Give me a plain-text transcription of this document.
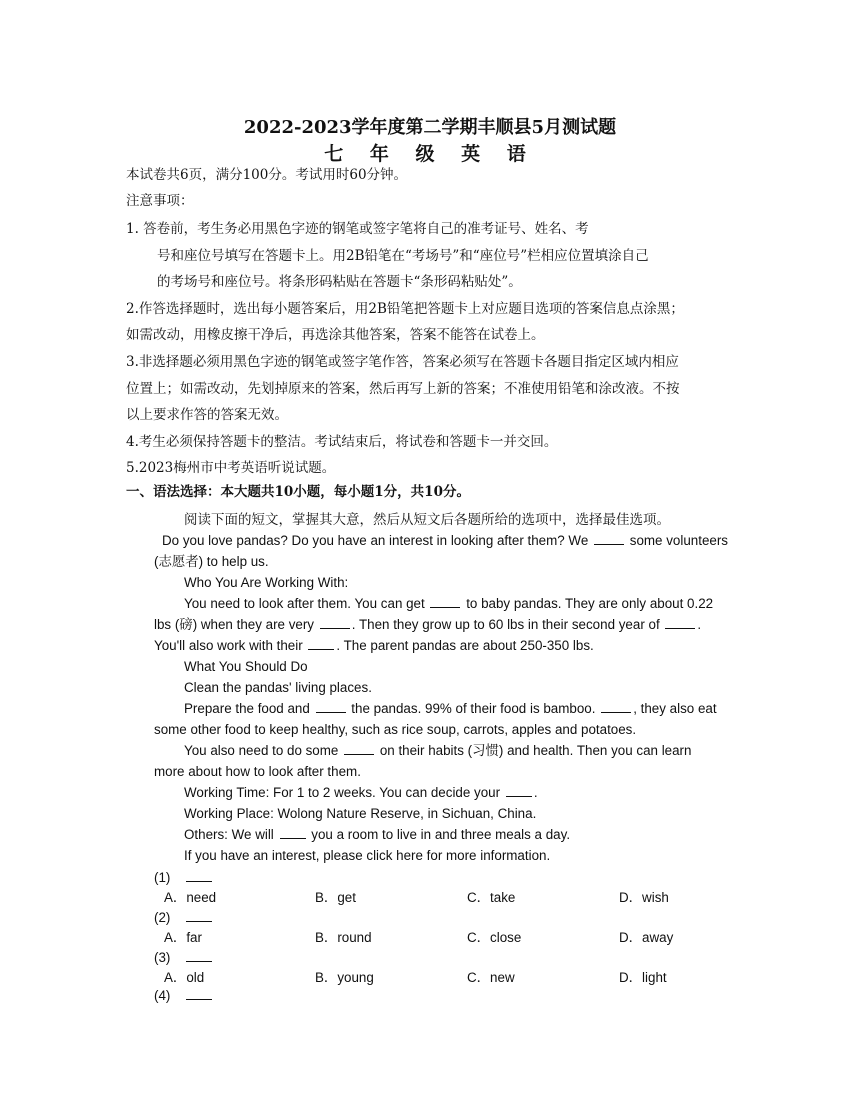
2022-2023学年度第二学期丰顺县5月测试题
七 年 级 英 语
本试卷共6页，满分100分。考试用时60分钟。
注意事项：
1. 答卷前，考生务必用黑色字迹的钢笔或签字笔将自己的准考证号、姓名、考
号和座位号填写在答题卡上。用2B铅笔在“考场号”和“座位号”栏相应位置填涂自己
的考场号和座位号。将条形码粘贴在答题卡“条形码粘贴处”。
2.作答选择题时，选出每小题答案后，用2B铅笔把答题卡上对应题目选项的答案信息点涂黑；
如需改动，用橡皮擦干净后，再选涂其他答案，答案不能答在试卷上。
3.非选择题必须用黑色字迹的钢笔或签字笔作答，答案必须写在答题卡各题目指定区域内相应
位置上；如需改动，先划掉原来的答案，然后再写上新的答案；不准使用铅笔和涂改液。不按
以上要求作答的答案无效。
4.考生必须保持答题卡的整洁。考试结束后，将试卷和答题卡一并交回。
5.2023梅州市中考英语听说试题。
一、语法选择：本大题共10小题，每小题1分，共10分。
阅读下面的短文，掌握其大意，然后从短文后各题所给的选项中，选择最佳选项。
Do you love pandas? Do you have an interest in looking after them? We	some volunteers
(志愿者) to help us.
Who You Are Working With:
You need to look after them. You can get	to baby pandas. They are only about 0.22
lbs (磅) when they are very	. Then they grow up to 60 lbs in their second year of	.
You'll also work with their	. The parent pandas are about 250-350 lbs.
What You Should Do
Clean the pandas' living places.
Prepare the food and	the pandas. 99% of their food is bamboo.	, they also eat
some other food to keep healthy, such as rice soup, carrots, apples and potatoes.
You also need to do some	on their habits (习惯) and health. Then you can learn
more about how to look after them.
Working Time: For 1 to 2 weeks. You can decide your	.
Working Place: Wolong Nature Reserve, in Sichuan, China.
Others: We will	you a room to live in and three meals a day.
If you have an interest, please click here for more information.
(1)
A．need	B．get	C．take	D．wish
(2)
A．far	B．round	C．close	D．away
(3)
A．old	B．young	C．new	D．light
(4)
